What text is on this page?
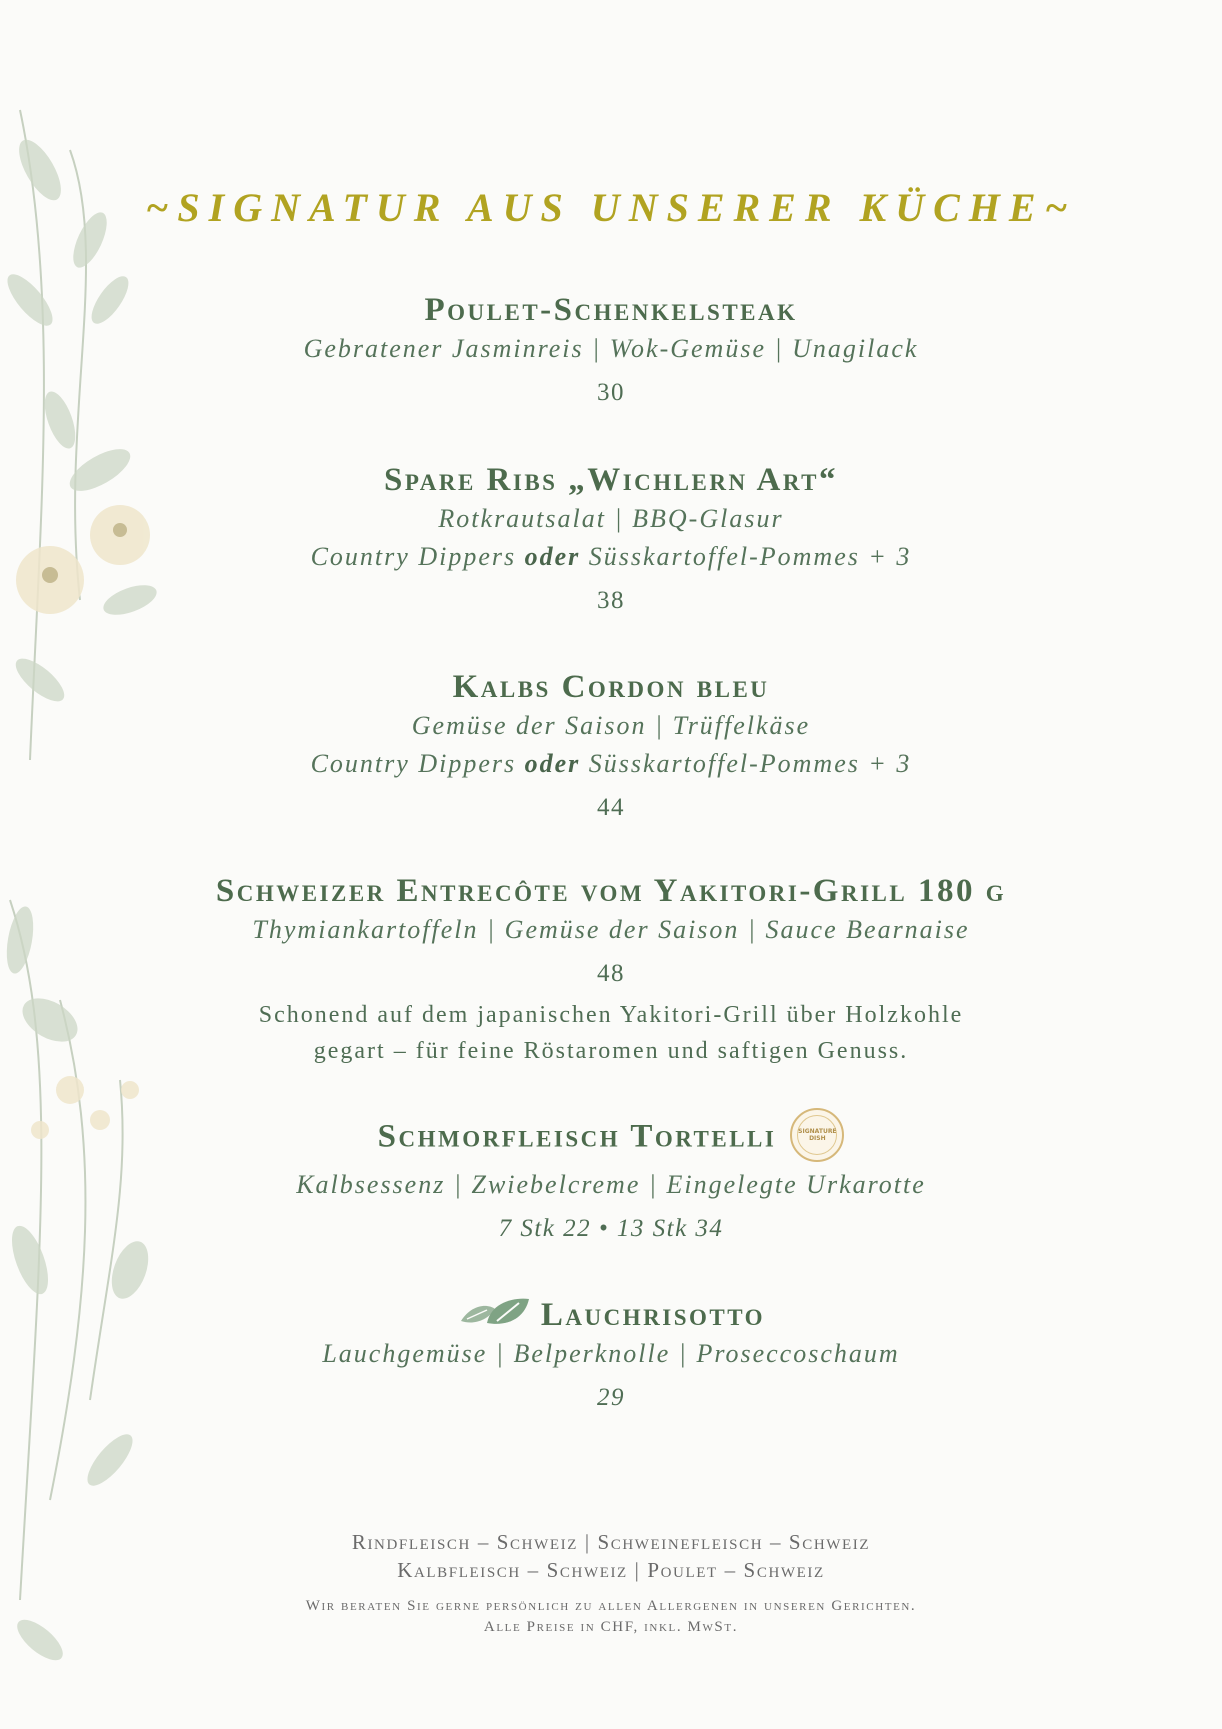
~SIGNATUR AUS UNSERER KÜCHE~
Poulet-Schenkelsteak
Gebratener Jasminreis | Wok-Gemüse | Unagilack
30
Spare Ribs „Wichlern Art“
Rotkrautsalat | BBQ-Glasur
Country Dippers oder Süsskartoffel-Pommes + 3
38
Kalbs Cordon bleu
Gemüse der Saison | Trüffelkäse
Country Dippers oder Süsskartoffel-Pommes + 3
44
Schweizer Entrecôte vom Yakitori-Grill 180 g
Thymiankartoffeln | Gemüse der Saison | Sauce Bearnaise
48
Schonend auf dem japanischen Yakitori-Grill über Holzkohle
gegart – für feine Röstaromen und saftigen Genuss.
Schmorfleisch Tortelli	SIGNATURE DISH
Kalbsessenz | Zwiebelcreme | Eingelegte Urkarotte
7 Stk 22 • 13 Stk 34
Lauchrisotto
Lauchgemüse | Belperknolle | Proseccoschaum
29
Rindfleisch – Schweiz | Schweinefleisch – Schweiz
Kalbfleisch – Schweiz | Poulet – Schweiz
Wir beraten Sie gerne persönlich zu allen Allergenen in unseren Gerichten.
Alle Preise in CHF, inkl. MwSt.
